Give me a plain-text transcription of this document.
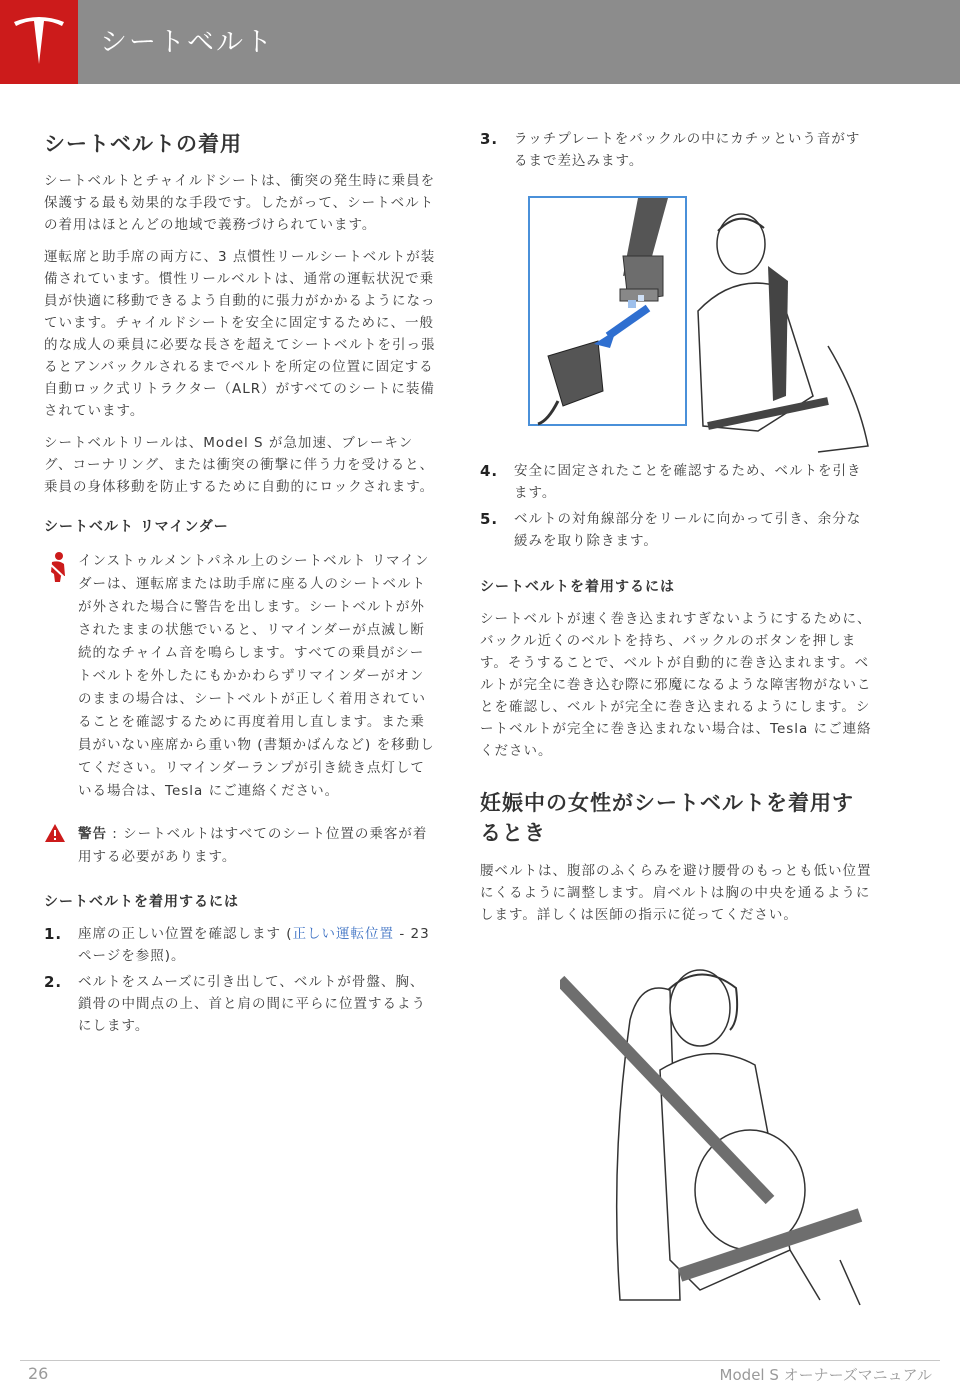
シートベルト
シートベルトの着用

シートベルトとチャイルドシートは、衝突の発生時に乗員を保護する最も効果的な手段です。したがって、シートベルトの着用はほとんどの地域で義務づけられています。

運転席と助手席の両方に、3 点慣性リールシートベルトが装備されています。慣性リールベルトは、通常の運転状況で乗員が快適に移動できるよう自動的に張力がかかるようになっています。チャイルドシートを安全に固定するために、一般的な成人の乗員に必要な長さを超えてシートベルトを引っ張るとアンバックルされるまでベルトを所定の位置に固定する自動ロック式リトラクター（ALR）がすべてのシートに装備されています。

シートベルトリールは、Model S が急加速、ブレーキング、コーナリング、または衝突の衝撃に伴う力を受けると、乗員の身体移動を防止するために自動的にロックされます。

シートベルト リマインダー
インストゥルメントパネル上のシートベルト リマインダーは、運転席または助手席に座る人のシートベルトが外された場合に警告を出します。シートベルトが外されたままの状態でいると、リマインダーが点滅し断続的なチャイム音を鳴らします。すべての乗員がシートベルトを外したにもかかわらずリマインダーがオンのままの場合は、シートベルトが正しく着用されていることを確認するために再度着用し直します。また乗員がいない座席から重い物 (書類かばんなど) を移動してください。リマインダーランプが引き続き点灯している場合は、Tesla にご連絡ください。
警告 : シートベルトはすべてのシート位置の乗客が着用する必要があります。
シートベルトを着用するには
1.	座席の正しい位置を確認します (正しい運転位置 - 23 ページを参照)。
2.	ベルトをスムーズに引き出して、ベルトが骨盤、胸、鎖骨の中間点の上、首と肩の間に平らに位置するようにします。
3.	ラッチプレートをバックルの中にカチッという音がするまで差込みます。
4.	安全に固定されたことを確認するため、ベルトを引きます。
5.	ベルトの対角線部分をリールに向かって引き、余分な緩みを取り除きます。
シートベルトを着用するには

シートベルトが速く巻き込まれすぎないようにするために、バックル近くのベルトを持ち、バックルのボタンを押します。そうすることで、ベルトが自動的に巻き込まれます。ベルトが完全に巻き込む際に邪魔になるような障害物がないことを確認し、ベルトが完全に巻き込まれるようにします。シートベルトが完全に巻き込まれない場合は、Tesla にご連絡ください。

妊娠中の女性がシートベルトを着用するとき

腰ベルトは、腹部のふくらみを避け腰骨のもっとも低い位置にくるように調整します。肩ベルトは胸の中央を通るようにします。詳しくは医師の指示に従ってください。

26	Model S オーナーズマニュアル
